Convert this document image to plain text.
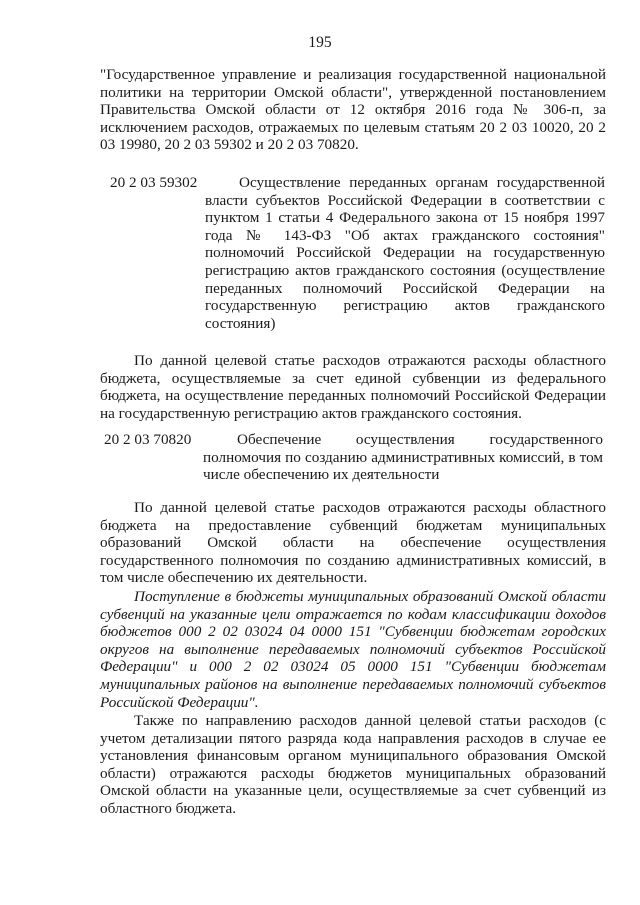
195
"Государственное управление и реализация государственной национальной политики на территории Омской области", утвержденной постановлением Правительства Омской области от 12 октября 2016 года № 306-п, за исключением расходов, отражаемых по целевым статьям 20 2 03 10020, 20 2 03 19980, 20 2 03 59302 и 20 2 03 70820.
20 2 03 59302	Осуществление переданных органам государственной власти субъектов Российской Федерации в соответствии с пунктом 1 статьи 4 Федерального закона от 15 ноября 1997 года № 143-ФЗ "Об актах гражданского состояния" полномочий Российской Федерации на государственную регистрацию актов гражданского состояния (осуществление переданных полномочий Российской Федерации на государственную регистрацию актов гражданского состояния)
По данной целевой статье расходов отражаются расходы областного бюджета, осуществляемые за счет единой субвенции из федерального бюджета, на осуществление переданных полномочий Российской Федерации на государственную регистрацию актов гражданского состояния.
20 2 03 70820	Обеспечение осуществления государственного полномочия по созданию административных комиссий, в том числе обеспечению их деятельности
По данной целевой статье расходов отражаются расходы областного бюджета на предоставление субвенций бюджетам муниципальных образований Омской области на обеспечение осуществления государственного полномочия по созданию административных комиссий, в том числе обеспечению их деятельности.
Поступление в бюджеты муниципальных образований Омской области субвенций на указанные цели отражается по кодам классификации доходов бюджетов 000 2 02 03024 04 0000 151 "Субвенции бюджетам городских округов на выполнение передаваемых полномочий субъектов Российской Федерации" и 000 2 02 03024 05 0000 151 "Субвенции бюджетам муниципальных районов на выполнение передаваемых полномочий субъектов Российской Федерации".
Также по направлению расходов данной целевой статьи расходов (с учетом детализации пятого разряда кода направления расходов в случае ее установления финансовым органом муниципального образования Омской области) отражаются расходы бюджетов муниципальных образований Омской области на указанные цели, осуществляемые за счет субвенций из областного бюджета.
